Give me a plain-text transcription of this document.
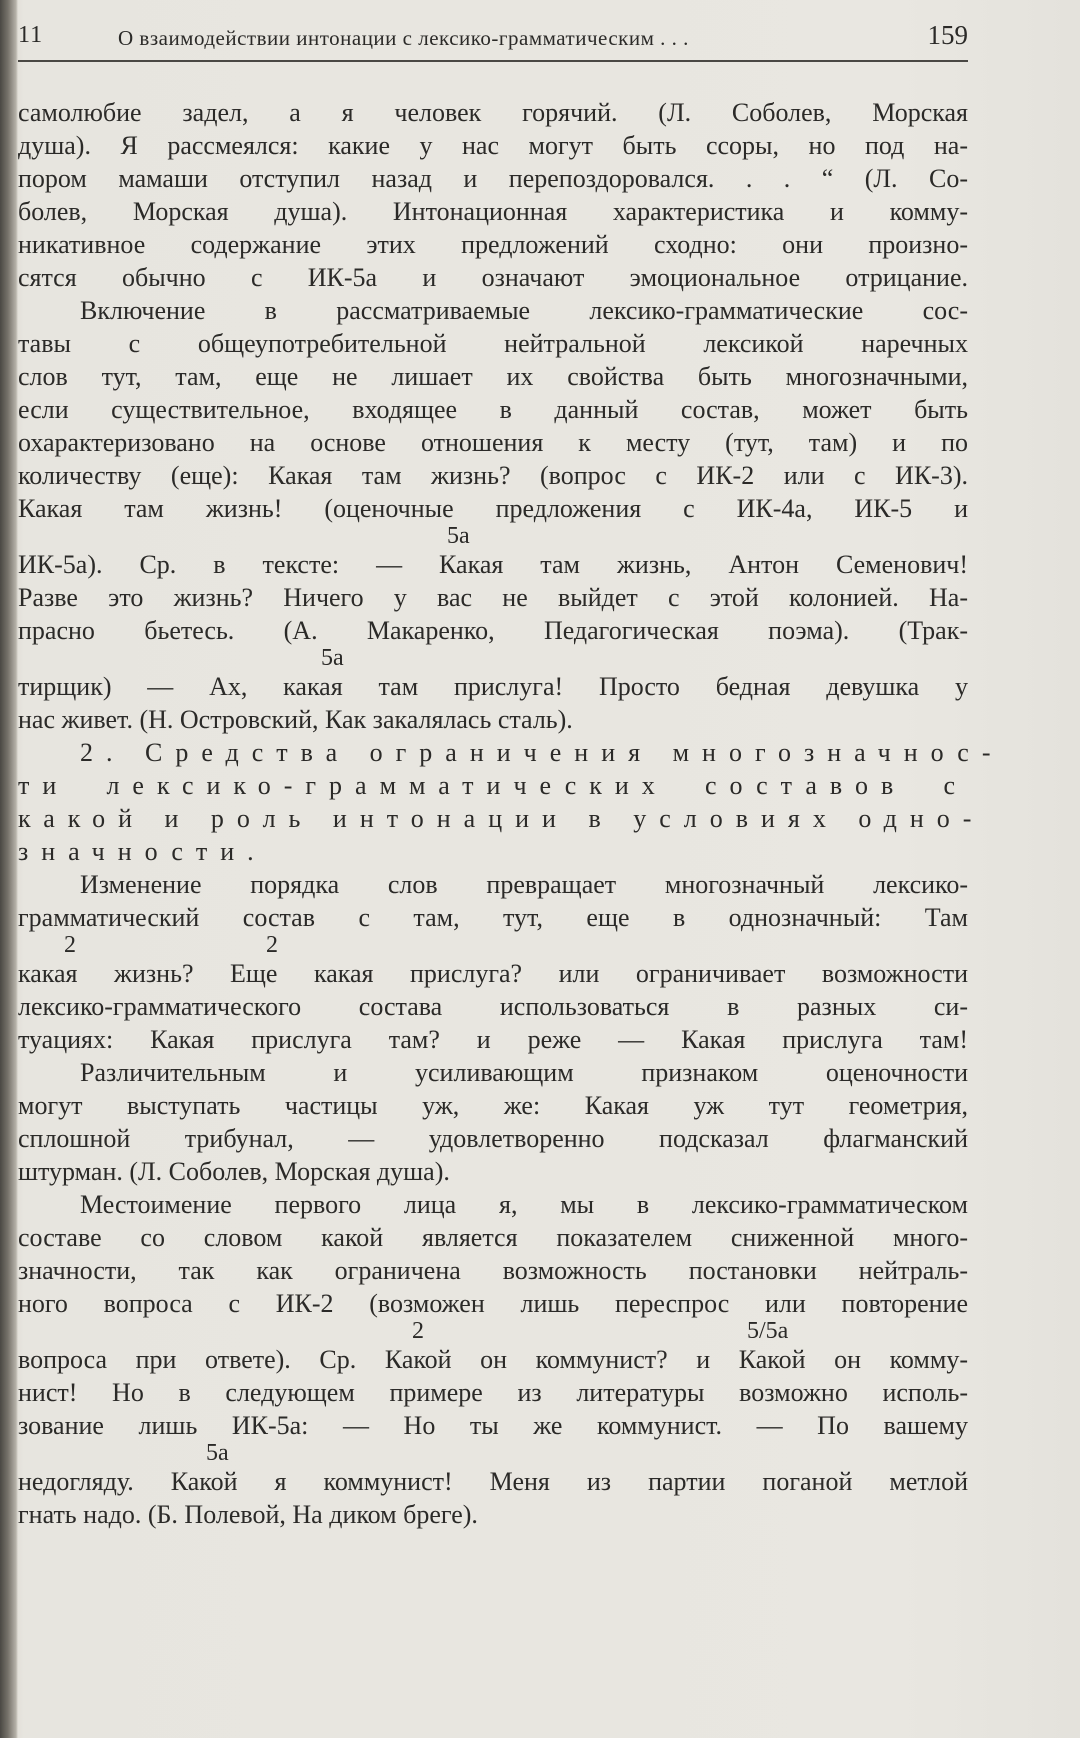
11	О взаимодействии интонации с лексико-грамматическим . . .	159
самолюбие задел, а я человек горячий. (Л. Соболев, Морская
душа). Я рассмеялся: какие у нас могут быть ссоры, но под на-
пором мамаши отступил назад и перепоздоровался. . . “ (Л. Со-
болев, Морская душа). Интонационная характеристика и комму-
никативное содержание этих предложений сходно: они произно-
сятся обычно с ИК-5а и означают эмоциональное отрицание.
Включение в рассматриваемые лексико-грамматические сос-
тавы с общеупотребительной нейтральной лексикой наречных
слов тут, там, еще не лишает их свойства быть многозначными,
если существительное, входящее в данный состав, может быть
охарактеризовано на основе отношения к месту (тут, там) и по
количеству (еще): Какая там жизнь? (вопрос с ИК-2 или с ИК-3).
Какая там жизнь! (оценочные предложения с ИК-4а, ИК-5 и
5а
ИК-5а). Ср. в тексте: — Какая там жизнь, Антон Семенович!
Разве это жизнь? Ничего у вас не выйдет с этой колонией. На-
прасно бьетесь. (А. Макаренко, Педагогическая поэма). (Трак-
5а
тирщик) — Ах, какая там прислуга! Просто бедная девушка у
нас живет. (Н. Островский, Как закалялась сталь).
2. Средства ограничения многозначнос-
ти лексико-грамматических составов с
какой и роль интонации в условиях одно-
значности.
Изменение порядка слов превращает многозначный лексико-
грамматический состав с там, тут, еще в однозначный: Там
2	2
какая жизнь? Еще какая прислуга? или ограничивает возможности
лексико-грамматического состава использоваться в разных си-
туациях: Какая прислуга там? и реже — Какая прислуга там!
Различительным и усиливающим признаком оценочности
могут выступать частицы уж, же: Какая уж тут геометрия,
сплошной трибунал, — удовлетворенно подсказал флагманский
штурман. (Л. Соболев, Морская душа).
Местоимение первого лица я, мы в лексико-грамматическом
составе со словом какой является показателем сниженной много-
значности, так как ограничена возможность постановки нейтраль-
ного вопроса с ИК-2 (возможен лишь переспрос или повторение
2	5/5а
вопроса при ответе). Ср. Какой он коммунист? и Какой он комму-
нист! Но в следующем примере из литературы возможно исполь-
зование лишь ИК-5а: — Но ты же коммунист. — По вашему
5а
недогляду. Какой я коммунист! Меня из партии поганой метлой
гнать надо. (Б. Полевой, На диком бреге).
